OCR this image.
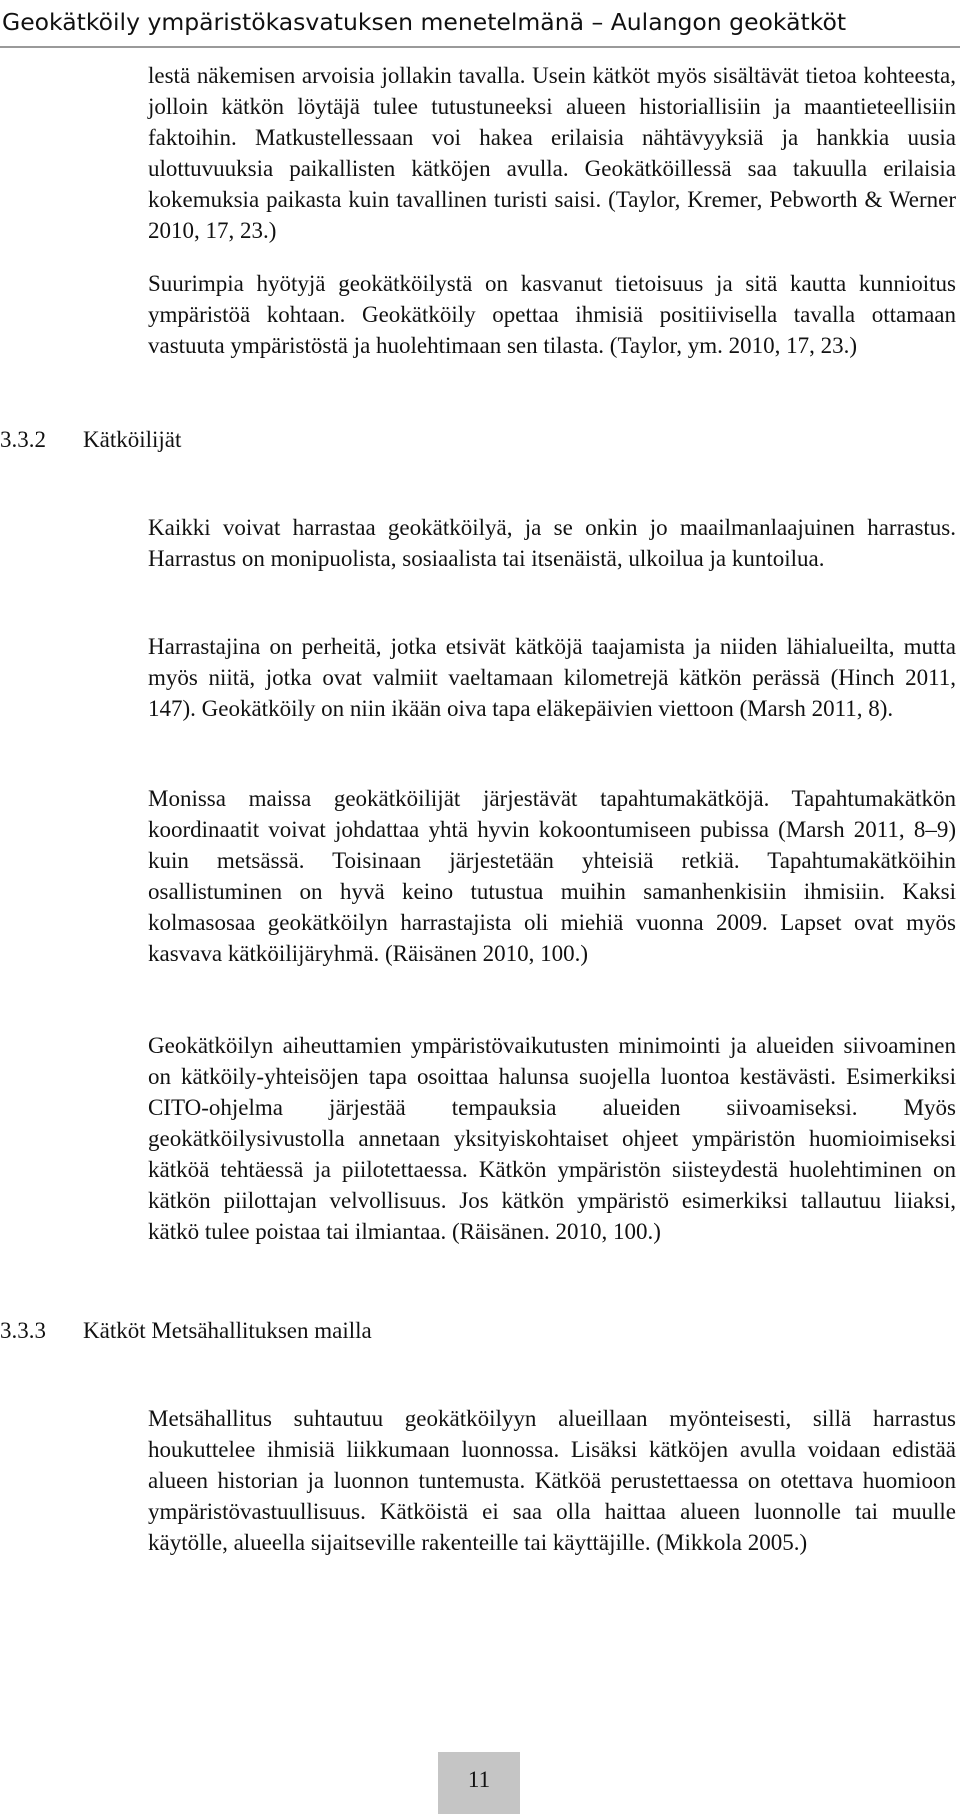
Geokätköily ympäristökasvatuksen menetelmänä – Aulangon geokätköt

lestä näkemisen arvoisia jollakin tavalla. Usein kätköt myös sisältävät tietoa kohteesta, jolloin kätkön löytäjä tulee tutustuneeksi alueen historiallisiin ja maantieteellisiin faktoihin. Matkustellessaan voi hakea erilaisia nähtävyyksiä ja hankkia uusia ulottuvuuksia paikallisten kätköjen avulla. Geokätköillessä saa takuulla erilaisia kokemuksia paikasta kuin tavallinen turisti saisi. (Taylor, Kremer, Pebworth & Werner 2010, 17, 23.)

Suurimpia hyötyjä geokätköilystä on kasvanut tietoisuus ja sitä kautta kunnioitus ympäristöä kohtaan. Geokätköily opettaa ihmisiä positiivisella tavalla ottamaan vastuuta ympäristöstä ja huolehtimaan sen tilasta. (Taylor, ym. 2010, 17, 23.)

3.3.2 Kätköilijät

Kaikki voivat harrastaa geokätköilyä, ja se onkin jo maailmanlaajuinen harrastus. Harrastus on monipuolista, sosiaalista tai itsenäistä, ulkoilua ja kuntoilua.

Harrastajina on perheitä, jotka etsivät kätköjä taajamista ja niiden lähialueilta, mutta myös niitä, jotka ovat valmiit vaeltamaan kilometrejä kätkön perässä (Hinch 2011, 147). Geokätköily on niin ikään oiva tapa eläkepäivien viettoon (Marsh 2011, 8).

Monissa maissa geokätköilijät järjestävät tapahtumakätköjä. Tapahtumakätkön koordinaatit voivat johdattaa yhtä hyvin kokoontumiseen pubissa (Marsh 2011, 8–9) kuin metsässä. Toisinaan järjestetään yhteisiä retkiä. Tapahtumakätköihin osallistuminen on hyvä keino tutustua muihin samanhenkisiin ihmisiin. Kaksi kolmasosaa geokätköilyn harrastajista oli miehiä vuonna 2009. Lapset ovat myös kasvava kätköilijäryhmä. (Räisänen 2010, 100.)

Geokätköilyn aiheuttamien ympäristövaikutusten minimointi ja alueiden siivoaminen on kätköily-yhteisöjen tapa osoittaa halunsa suojella luontoa kestävästi. Esimerkiksi CITO-ohjelma järjestää tempauksia alueiden siivoamiseksi. Myös geokätköilysivustolla annetaan yksityiskohtaiset ohjeet ympäristön huomioimiseksi kätköä tehtäessä ja piilotettaessa. Kätkön ympäristön siisteydestä huolehtiminen on kätkön piilottajan velvollisuus. Jos kätkön ympäristö esimerkiksi tallautuu liiaksi, kätkö tulee poistaa tai ilmiantaa. (Räisänen. 2010, 100.)

3.3.3 Kätköt Metsähallituksen mailla

Metsähallitus suhtautuu geokätköilyyn alueillaan myönteisesti, sillä harrastus houkuttelee ihmisiä liikkumaan luonnossa. Lisäksi kätköjen avulla voidaan edistää alueen historian ja luonnon tuntemusta. Kätköä perustettaessa on otettava huomioon ympäristövastuullisuus. Kätköistä ei saa olla haittaa alueen luonnolle tai muulle käytölle, alueella sijaitseville rakenteille tai käyttäjille. (Mikkola 2005.)

11
